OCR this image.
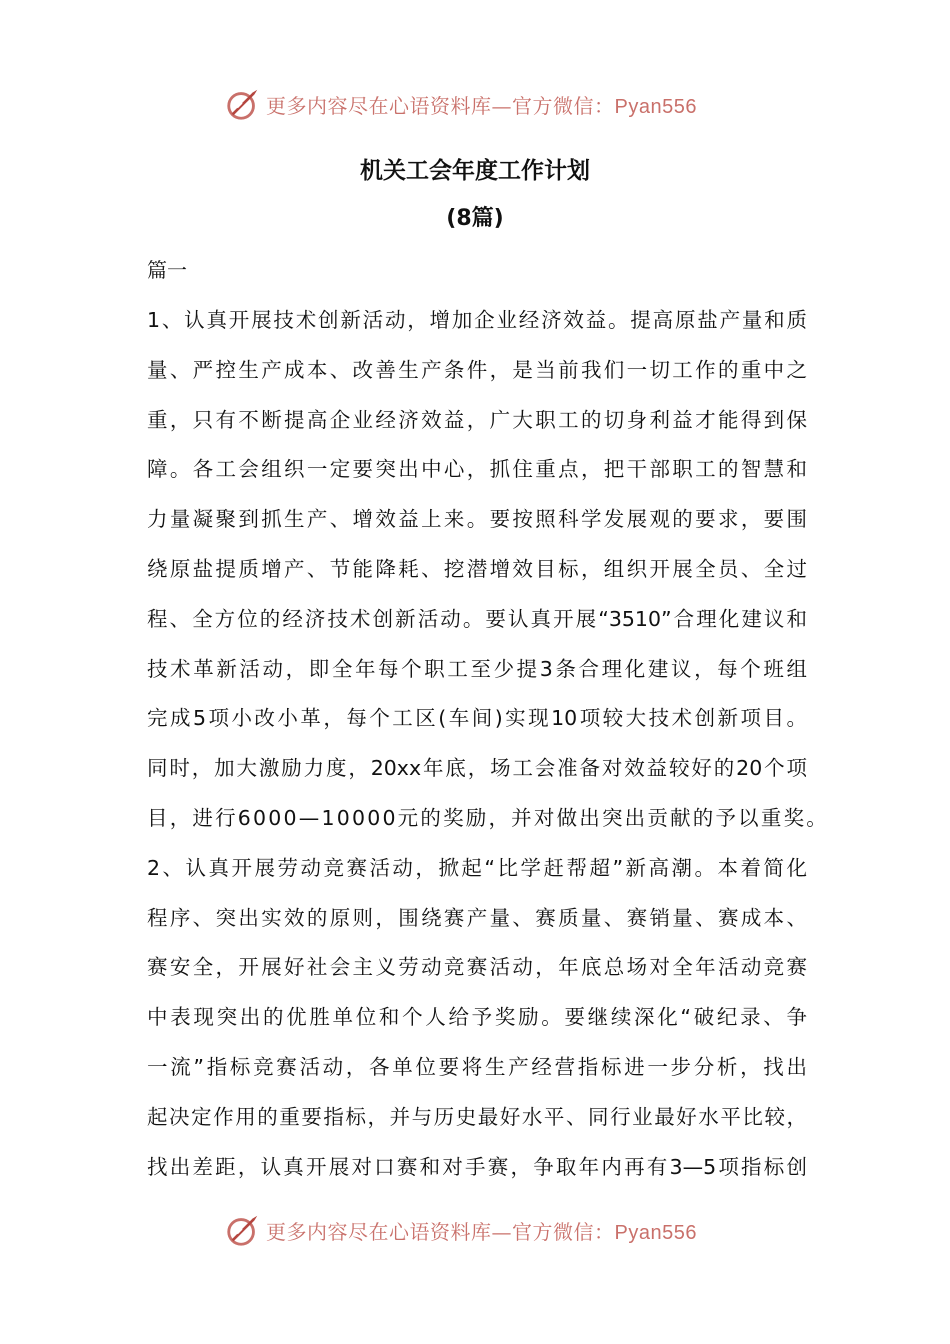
更多内容尽在心语资料库—官方微信：Pyan556
机关工会年度工作计划
(8篇)
篇一
1、认真开展技术创新活动，增加企业经济效益。提高原盐产量和质
量、严控生产成本、改善生产条件，是当前我们一切工作的重中之
重，只有不断提高企业经济效益，广大职工的切身利益才能得到保
障。各工会组织一定要突出中心，抓住重点，把干部职工的智慧和
力量凝聚到抓生产、增效益上来。要按照科学发展观的要求，要围
绕原盐提质增产、节能降耗、挖潜增效目标，组织开展全员、全过
程、全方位的经济技术创新活动。要认真开展“3510”合理化建议和
技术革新活动，即全年每个职工至少提3条合理化建议，每个班组
完成5项小改小革，每个工区(车间)实现10项较大技术创新项目。
同时，加大激励力度，20xx年底，场工会准备对效益较好的20个项
目，进行6000—10000元的奖励，并对做出突出贡献的予以重奖。
2、认真开展劳动竞赛活动，掀起“比学赶帮超”新高潮。本着简化
程序、突出实效的原则，围绕赛产量、赛质量、赛销量、赛成本、
赛安全，开展好社会主义劳动竞赛活动，年底总场对全年活动竞赛
中表现突出的优胜单位和个人给予奖励。要继续深化“破纪录、争
一流”指标竞赛活动，各单位要将生产经营指标进一步分析，找出
起决定作用的重要指标，并与历史最好水平、同行业最好水平比较，
找出差距，认真开展对口赛和对手赛，争取年内再有3—5项指标创
更多内容尽在心语资料库—官方微信：Pyan556
